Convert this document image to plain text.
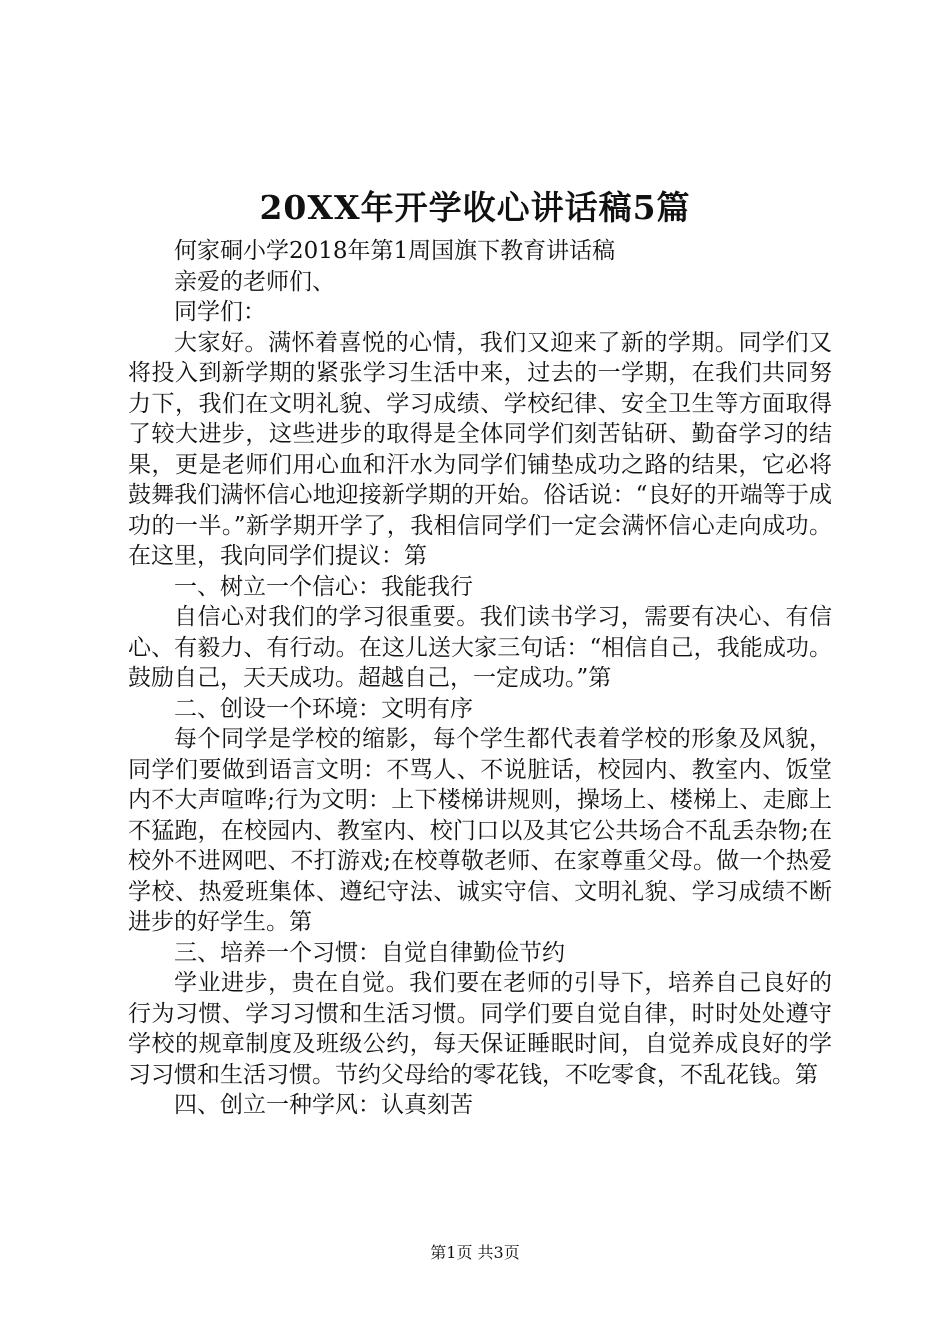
20XX年开学收心讲话稿5篇

何家硐小学2018年第1周国旗下教育讲话稿

亲爱的老师们、

同学们：

大家好。满怀着喜悦的心情，我们又迎来了新的学期。同学们又将投入到新学期的紧张学习生活中来，过去的一学期，在我们共同努力下，我们在文明礼貌、学习成绩、学校纪律、安全卫生等方面取得了较大进步，这些进步的取得是全体同学们刻苦钻研、勤奋学习的结果，更是老师们用心血和汗水为同学们铺垫成功之路的结果，它必将鼓舞我们满怀信心地迎接新学期的开始。俗话说：“良好的开端等于成功的一半。”新学期开学了，我相信同学们一定会满怀信心走向成功。在这里，我向同学们提议：第

一、树立一个信心：我能我行

自信心对我们的学习很重要。我们读书学习，需要有决心、有信心、有毅力、有行动。在这儿送大家三句话：“相信自己，我能成功。鼓励自己，天天成功。超越自己，一定成功。”第

二、创设一个环境：文明有序

每个同学是学校的缩影，每个学生都代表着学校的形象及风貌，同学们要做到语言文明：不骂人、不说脏话，校园内、教室内、饭堂内不大声喧哗;行为文明：上下楼梯讲规则，操场上、楼梯上、走廊上不猛跑，在校园内、教室内、校门口以及其它公共场合不乱丢杂物;在校外不进网吧、不打游戏;在校尊敬老师、在家尊重父母。做一个热爱学校、热爱班集体、遵纪守法、诚实守信、文明礼貌、学习成绩不断进步的好学生。第

三、培养一个习惯：自觉自律勤俭节约

学业进步，贵在自觉。我们要在老师的引导下，培养自己良好的行为习惯、学习习惯和生活习惯。同学们要自觉自律，时时处处遵守学校的规章制度及班级公约，每天保证睡眠时间，自觉养成良好的学习习惯和生活习惯。节约父母给的零花钱，不吃零食，不乱花钱。第

四、创立一种学风：认真刻苦

第1页 共3页
